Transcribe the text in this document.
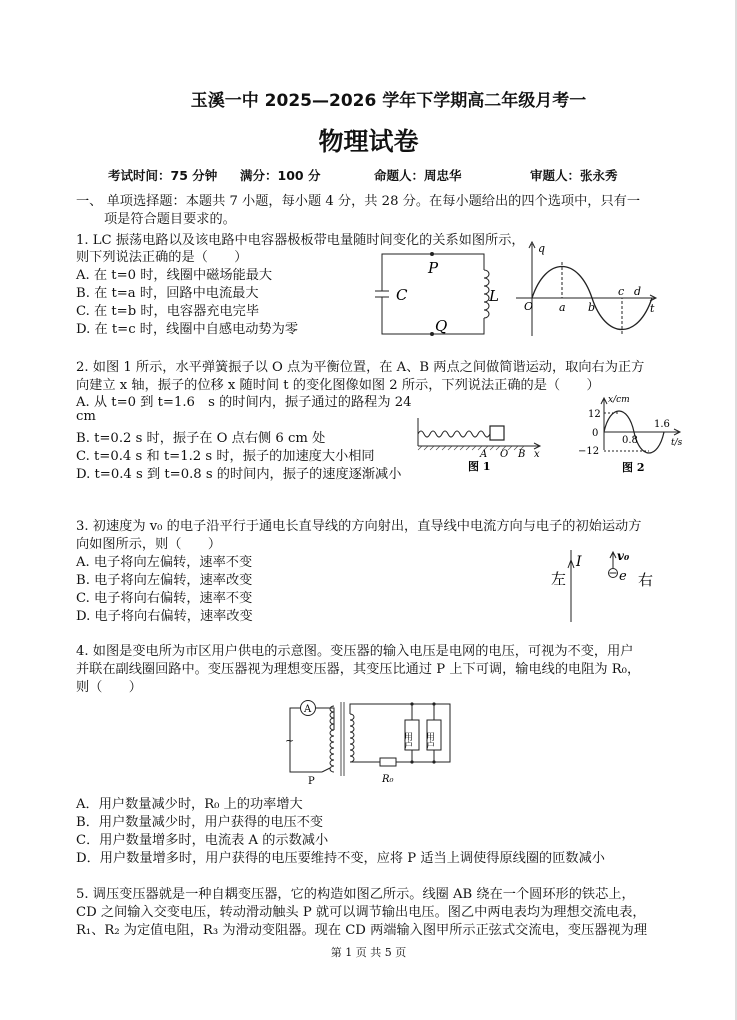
玉溪一中 2025—2026 学年下学期高二年级月考一
物理试卷
考试时间：75 分钟 满分：100 分	命题人：周忠华	审题人：张永秀
一、 单项选择题：本题共 7 小题，每小题 4 分，共 28 分。在每小题给出的四个选项中，只有一
项是符合题目要求的。
1. LC 振荡电路以及该电路中电容器极板带电量随时间变化的关系如图所示，
则下列说法正确的是（　　）
A. 在 t=0 时，线圈中磁场能最大
B. 在 t=a 时，回路中电流最大
C. 在 t=b 时，电容器充电完毕
D. 在 t=c 时，线圈中自感电动势为零
P
C	L
Q
q
O a b
c d
t
2. 如图 1 所示，水平弹簧振子以 O 点为平衡位置，在 A、B 两点之间做简谐运动，取向右为正方
向建立 x 轴，振子的位移 x 随时间 t 的变化图像如图 2 所示，下列说法正确的是（　　）
A. 从 t=0 到 t=1.6　s 的时间内，振子通过的路程为 24
cm
B. t=0.2 s 时，振子在 O 点右侧 6 cm 处
C. t=0.4 s 和 t=1.2 s 时，振子的加速度大小相同
D. t=0.4 s 到 t=0.8 s 的时间内，振子的速度逐渐减小
A O B x
图 1
x/cm
12
0
−12
0.8
1.6
t/s
图 2
3. 初速度为 v₀ 的电子沿平行于通电长直导线的方向射出，直导线中电流方向与电子的初始运动方
向如图所示，则（　　）
A. 电子将向左偏转，速率不变
B. 电子将向左偏转，速率改变
C. 电子将向右偏转，速率不变
D. 电子将向右偏转，速率改变
左
I	v₀
e 右
4. 如图是变电所为市区用户供电的示意图。变压器的输入电压是电网的电压，可视为不变，用户
并联在副线圈回路中。变压器视为理想变压器，其变压比通过 P 上下可调，输电线的电阻为 R₀，
则（　　）
A
~
P	R₀
用户 用户
A．用户数量减少时，R₀ 上的功率增大
B．用户数量减少时，用户获得的电压不变
C．用户数量增多时，电流表 A 的示数减小
D．用户数量增多时，用户获得的电压要维持不变，应将 P 适当上调使得原线圈的匝数减小
5. 调压变压器就是一种自耦变压器，它的构造如图乙所示。线圈 AB 绕在一个圆环形的铁芯上，
CD 之间输入交变电压，转动滑动触头 P 就可以调节输出电压。图乙中两电表均为理想交流电表，
R₁、R₂ 为定值电阻，R₃ 为滑动变阻器。现在 CD 两端输入图甲所示正弦式交流电，变压器视为理
第 1 页 共 5 页
